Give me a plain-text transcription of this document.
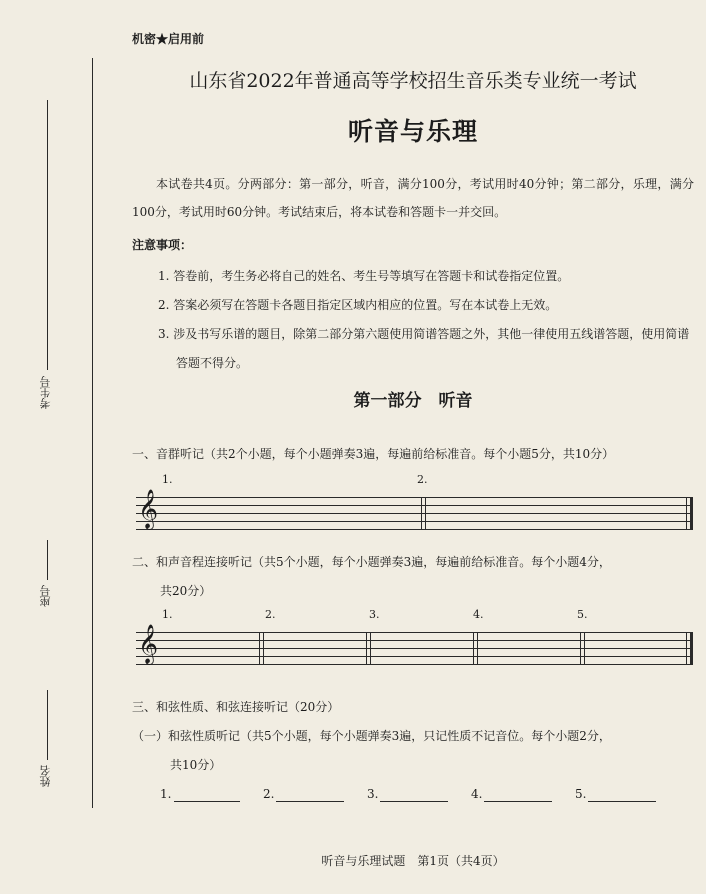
机密★启用前
考生号
座号
姓名
山东省2022年普通高等学校招生音乐类专业统一考试
听音与乐理
本试卷共4页。分两部分：第一部分，听音，满分100分，考试用时40分钟；第二部分，乐理，满分100分，考试用时60分钟。考试结束后，将本试卷和答题卡一并交回。
注意事项：
1. 答卷前，考生务必将自己的姓名、考生号等填写在答题卡和试卷指定位置。
2. 答案必须写在答题卡各题目指定区域内相应的位置。写在本试卷上无效。
3. 涉及书写乐谱的题目，除第二部分第六题使用简谱答题之外，其他一律使用五线谱答题，使用简谱答题不得分。
第一部分　听音
一、音群听记（共2个小题，每个小题弹奏3遍，每遍前给标准音。每个小题5分，共10分）
1.	2.
𝄞
二、和声音程连接听记（共5个小题，每个小题弹奏3遍，每遍前给标准音。每个小题4分，
共20分）
1.	2.	3.	4.	5.
𝄞
三、和弦性质、和弦连接听记（20分）
（一）和弦性质听记（共5个小题，每个小题弹奏3遍，只记性质不记音位。每个小题2分，
共10分）
1.	2.	3.	4.	5.
听音与乐理试题　第1页（共4页）
